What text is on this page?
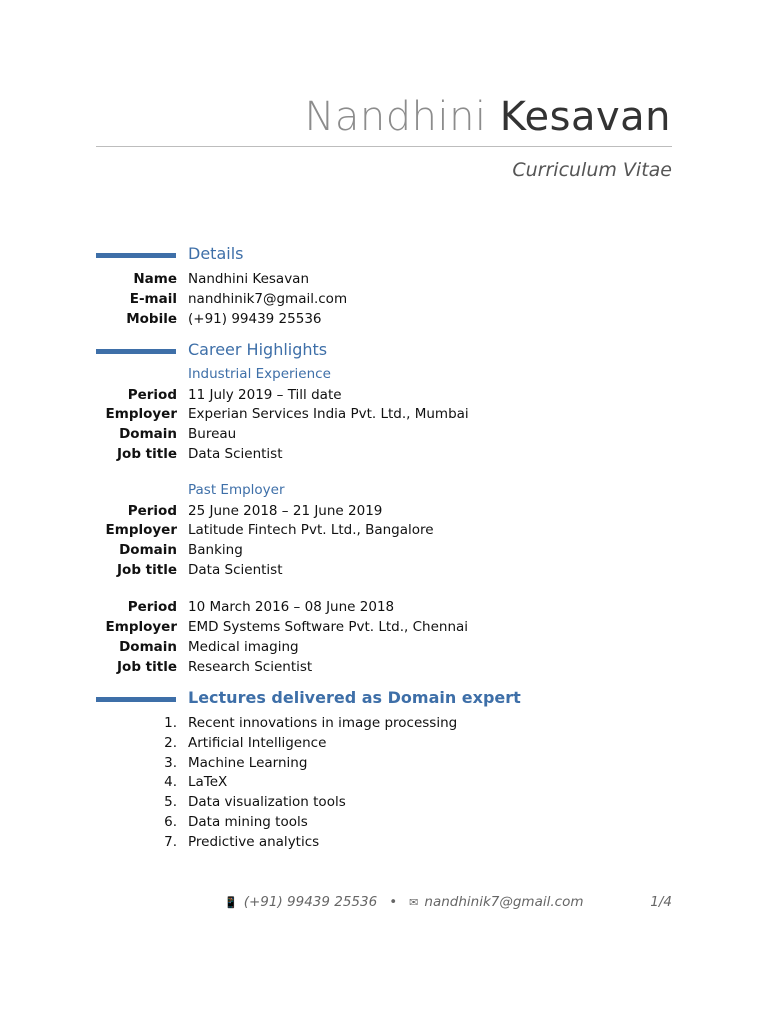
Nandhini Kesavan
Curriculum Vitae
Details
Name Nandhini Kesavan
E-mail nandhinik7@gmail.com
Mobile (+91) 99439 25536
Career Highlights
Industrial Experience
Period 11 July 2019 – Till date
Employer Experian Services India Pvt. Ltd., Mumbai
Domain Bureau
Job title Data Scientist
Past Employer
Period 25 June 2018 – 21 June 2019
Employer Latitude Fintech Pvt. Ltd., Bangalore
Domain Banking
Job title Data Scientist
Period 10 March 2016 – 08 June 2018
Employer EMD Systems Software Pvt. Ltd., Chennai
Domain Medical imaging
Job title Research Scientist
Lectures delivered as Domain expert
1. Recent innovations in image processing
2. Artificial Intelligence
3. Machine Learning
4. LaTeX
5. Data visualization tools
6. Data mining tools
7. Predictive analytics
📱 (+91) 99439 25536 • ✉ nandhinik7@gmail.com	1/4
